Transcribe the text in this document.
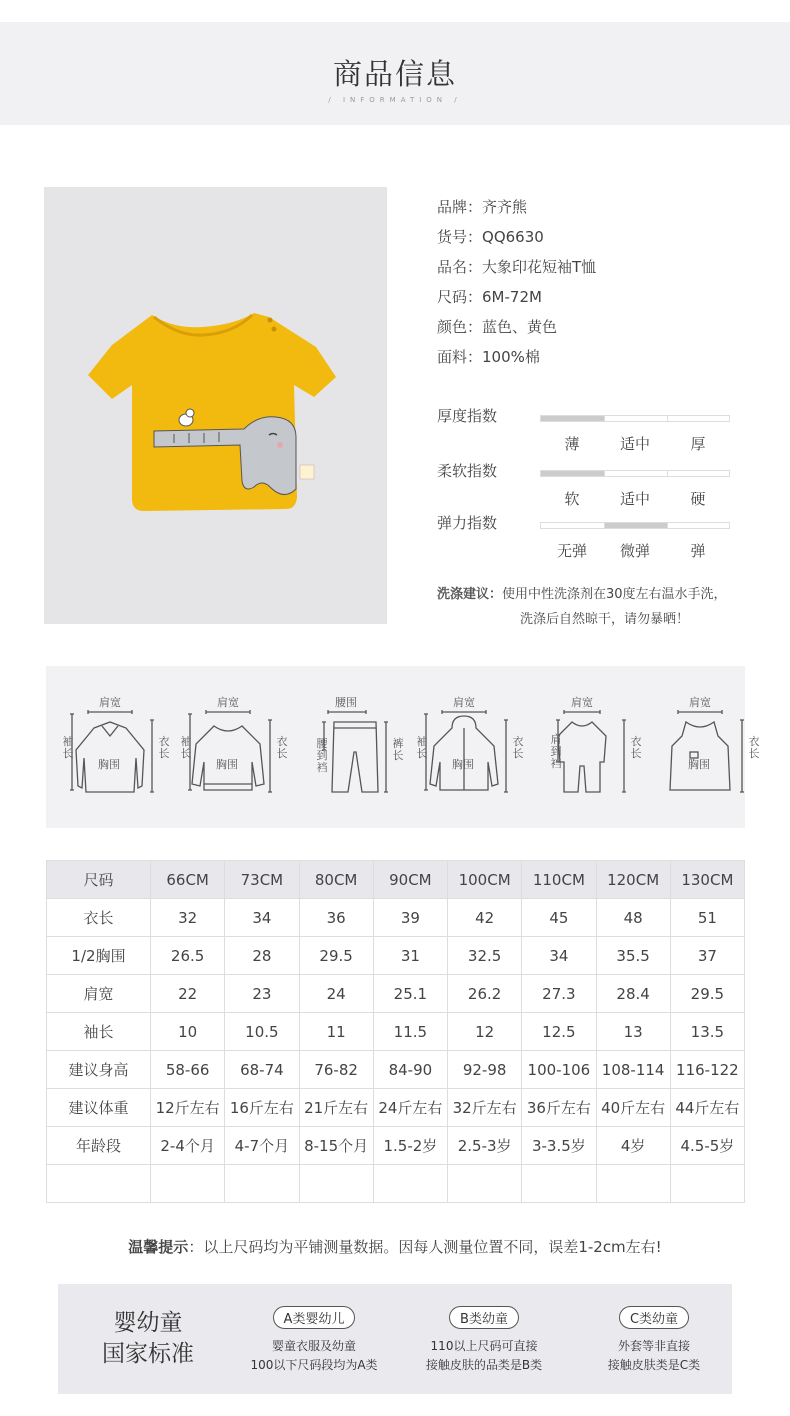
商品信息
/ INFORMATION /
品牌：齐齐熊
货号：QQ6630
品名：大象印花短袖T恤
尺码：6M-72M
颜色：蓝色、黄色
面料：100%棉
厚度指数
薄	适中	厚
柔软指数
软	适中	硬
弹力指数
无弹	微弹	弹
洗涤建议：使用中性洗涤剂在30度左右温水手洗，
洗涤后自然晾干，请勿暴晒！
肩宽
袖长
衣长
胸围
肩宽
袖长
衣长
胸围
腰围
腰到裆
裤长
肩宽
袖长
衣长
胸围
肩宽
肩到裆
衣长
肩宽
衣长
胸围
尺码	66CM	73CM	80CM	90CM	100CM	110CM	120CM	130CM
衣长	32	34	36	39	42	45	48	51
1/2胸围	26.5	28	29.5	31	32.5	34	35.5	37
肩宽	22	23	24	25.1	26.2	27.3	28.4	29.5
袖长	10	10.5	11	11.5	12	12.5	13	13.5
建议身高	58-66	68-74	76-82	84-90	92-98	100-106	108-114	116-122
建议体重	12斤左右	16斤左右	21斤左右	24斤左右	32斤左右	36斤左右	40斤左右	44斤左右
年龄段	2-4个月	4-7个月	8-15个月	1.5-2岁	2.5-3岁	3-3.5岁	4岁	4.5-5岁

温馨提示：以上尺码均为平铺测量数据。因每人测量位置不同，误差1-2cm左右!
婴幼童
国家标准
A类婴幼儿
婴童衣服及幼童
100以下尺码段均为A类
B类幼童
110以上尺码可直接
接触皮肤的品类是B类
C类幼童
外套等非直接
接触皮肤类是C类
